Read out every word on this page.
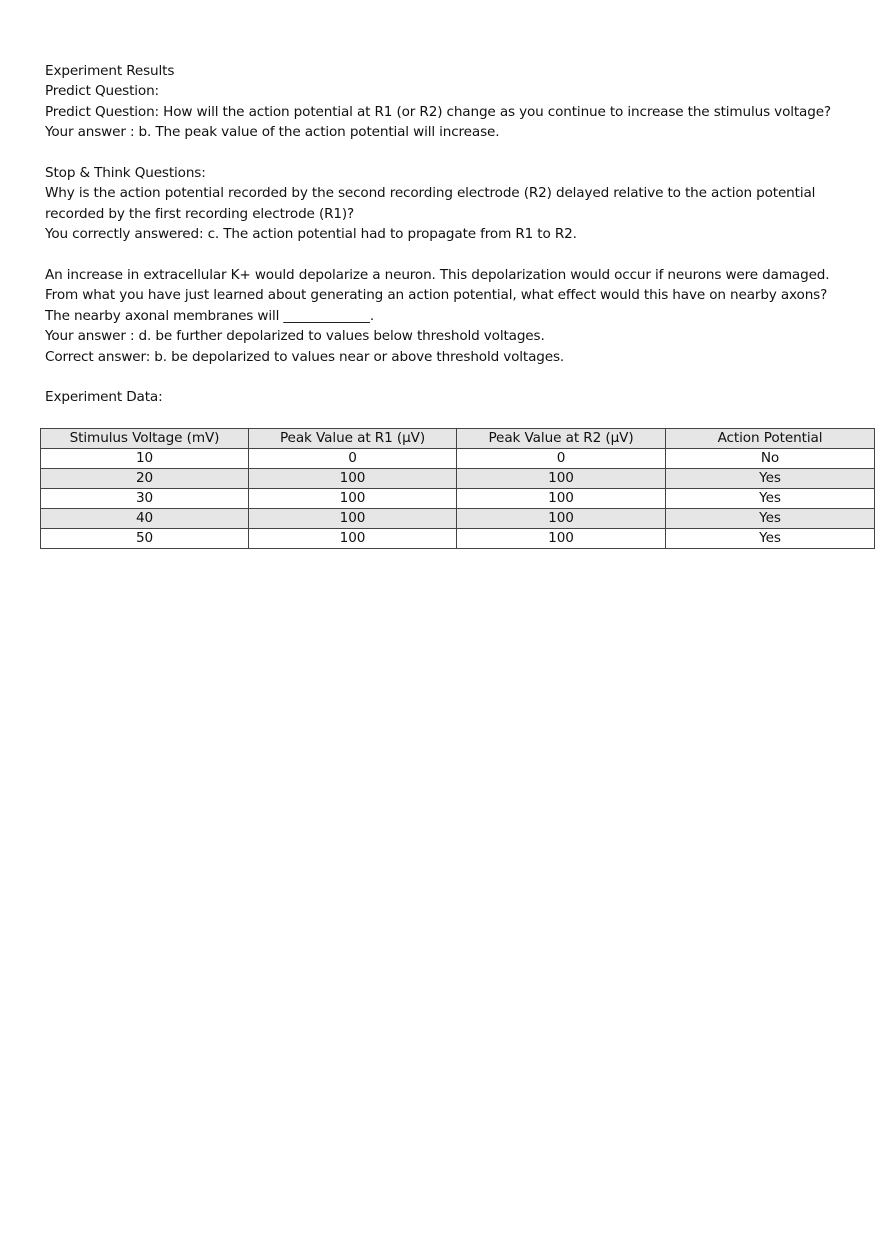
Experiment Results
Predict Question:
Predict Question: How will the action potential at R1 (or R2) change as you continue to increase the stimulus voltage?
Your answer : b. The peak value of the action potential will increase.
Stop & Think Questions:
Why is the action potential recorded by the second recording electrode (R2) delayed relative to the action potential recorded by the first recording electrode (R1)?
You correctly answered: c. The action potential had to propagate from R1 to R2.
An increase in extracellular K+ would depolarize a neuron. This depolarization would occur if neurons were damaged. From what you have just learned about generating an action potential, what effect would this have on nearby axons? The nearby axonal membranes will _____________.
Your answer : d. be further depolarized to values below threshold voltages.
Correct answer: b. be depolarized to values near or above threshold voltages.
Experiment Data:
Stimulus Voltage (mV)	Peak Value at R1 (µV)	Peak Value at R2 (µV)	Action Potential
10	0	0	No
20	100	100	Yes
30	100	100	Yes
40	100	100	Yes
50	100	100	Yes
